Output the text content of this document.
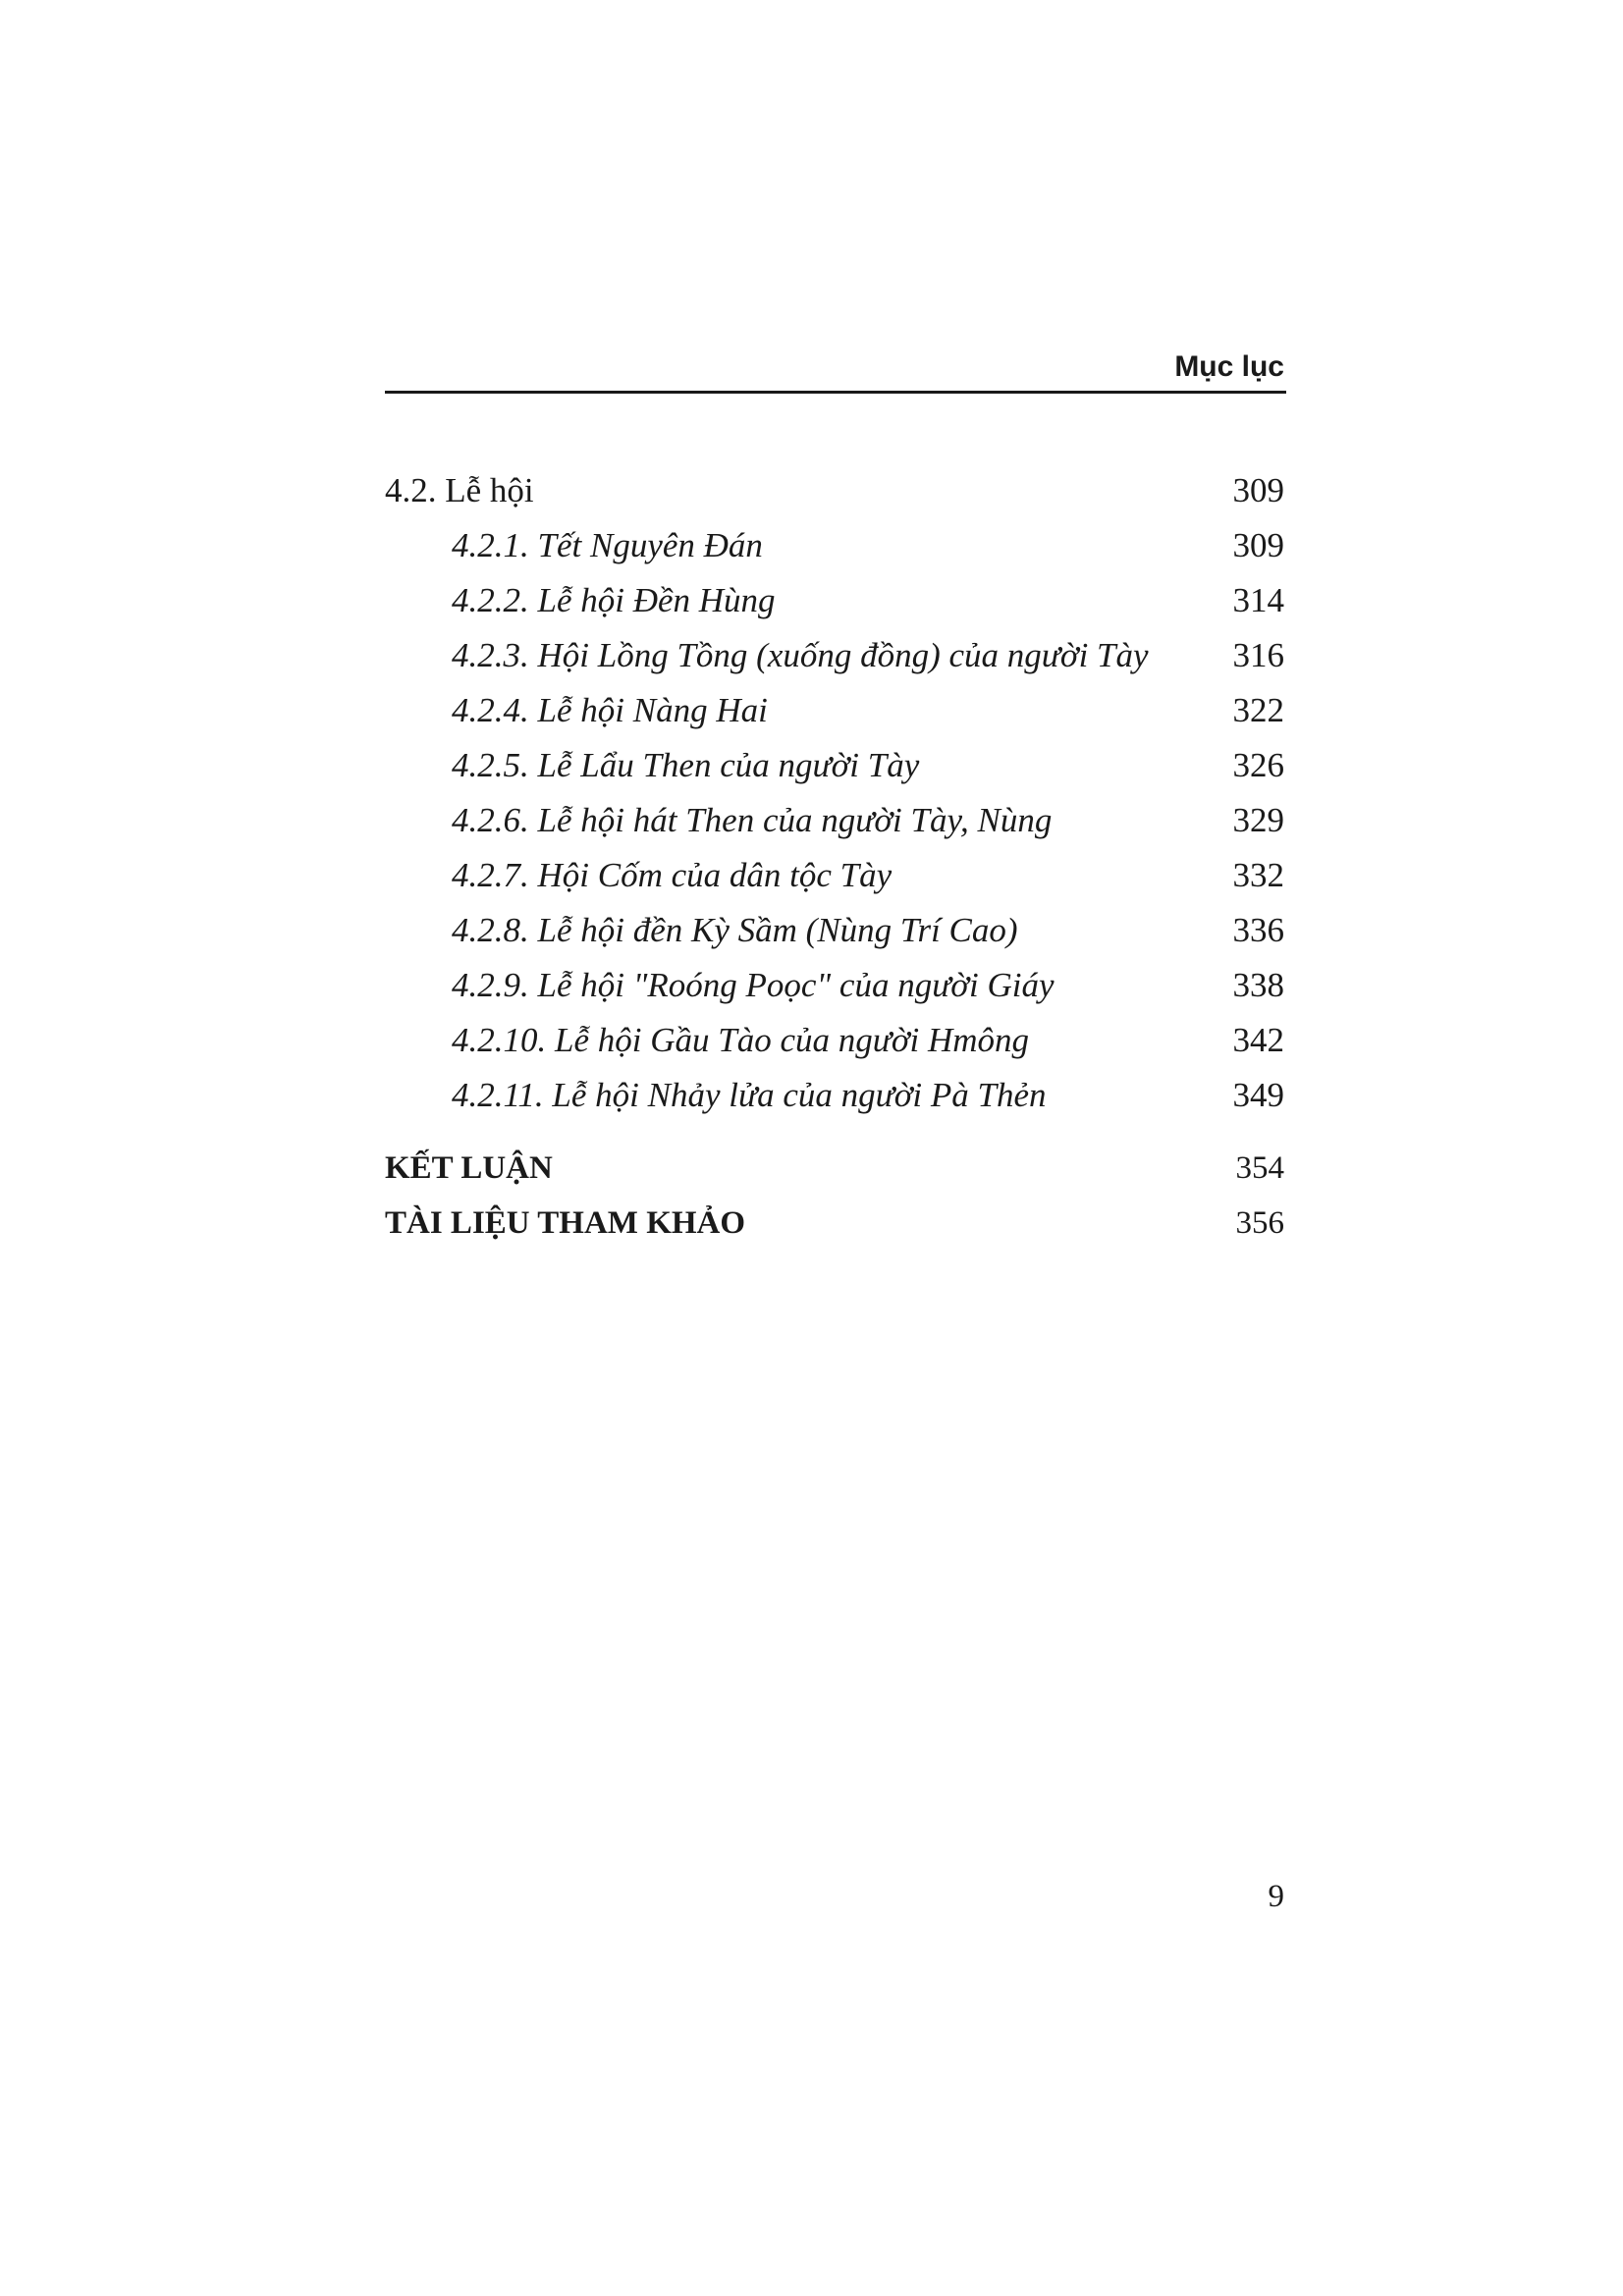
Mục lục
4.2. Lễ hội	309
4.2.1. Tết Nguyên Đán	309
4.2.2. Lễ hội Đền Hùng	314
4.2.3. Hội Lồng Tồng (xuống đồng) của người Tày 316
4.2.4. Lễ hội Nàng Hai	322
4.2.5. Lễ Lẩu Then của người Tày	326
4.2.6. Lễ hội hát Then của người Tày, Nùng	329
4.2.7. Hội Cốm của dân tộc Tày	332
4.2.8. Lễ hội đền Kỳ Sầm (Nùng Trí Cao)	336
4.2.9. Lễ hội "Roóng Poọc" của người Giáy	338
4.2.10. Lễ hội Gầu Tào của người Hmông	342
4.2.11. Lễ hội Nhảy lửa của người Pà Thẻn	349
KẾT LUẬN	354
TÀI LIỆU THAM KHẢO	356
9
